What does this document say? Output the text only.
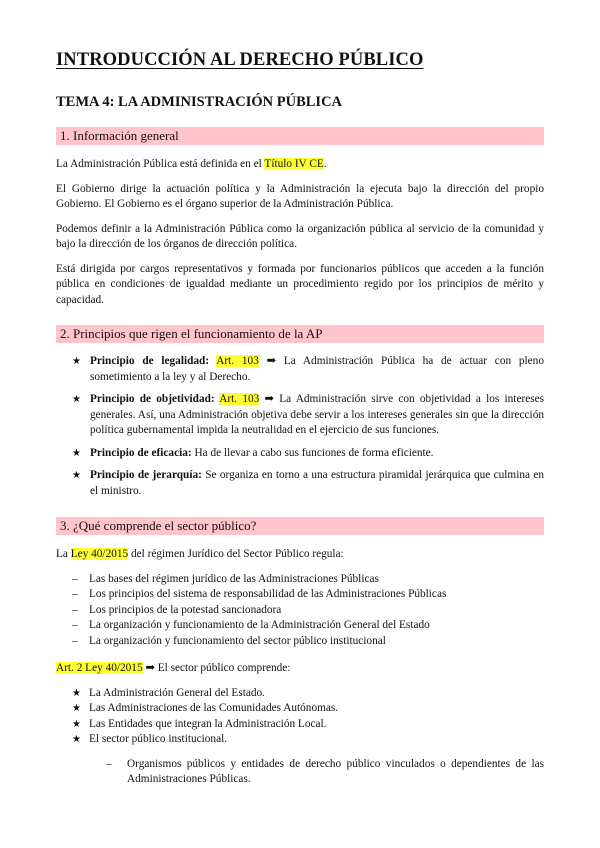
INTRODUCCIÓN AL DERECHO PÚBLICO
TEMA 4: LA ADMINISTRACIÓN PÚBLICA
1. Información general

La Administración Pública está definida en el Título IV CE.

El Gobierno dirige la actuación política y la Administración la ejecuta bajo la dirección del propio Gobierno. El Gobierno es el órgano superior de la Administración Pública.

Podemos definir a la Administración Pública como la organización pública al servicio de la comunidad y bajo la dirección de los órganos de dirección política.

Está dirigida por cargos representativos y formada por funcionarios públicos que acceden a la función pública en condiciones de igualdad mediante un procedimiento regido por los principios de mérito y capacidad.

2. Principios que rigen el funcionamiento de la AP
★ Principio de legalidad: Art. 103 ➡ La Administración Pública ha de actuar con pleno sometimiento a la ley y al Derecho.
★ Principio de objetividad: Art. 103 ➡ La Administración sirve con objetividad a los intereses generales. Así, una Administración objetiva debe servir a los intereses generales sin que la dirección política gubernamental impida la neutralidad en el ejercicio de sus funciones.
★ Principio de eficacia: Ha de llevar a cabo sus funciones de forma eficiente.
★ Principio de jerarquía: Se organiza en torno a una estructura piramidal jerárquica que culmina en el ministro.
3. ¿Qué comprende el sector público?

La Ley 40/2015 del régimen Jurídico del Sector Público regula:

– Las bases del régimen jurídico de las Administraciones Públicas
– Los principios del sistema de responsabilidad de las Administraciones Públicas
– Los principios de la potestad sancionadora
– La organización y funcionamiento de la Administración General del Estado
– La organización y funcionamiento del sector público institucional

Art. 2 Ley 40/2015 ➡ El sector público comprende:

★ La Administración General del Estado.
★ Las Administraciones de las Comunidades Autónomas.
★ Las Entidades que integran la Administración Local.
★ El sector público institucional.
– Organismos públicos y entidades de derecho público vinculados o dependientes de las Administraciones Públicas.
